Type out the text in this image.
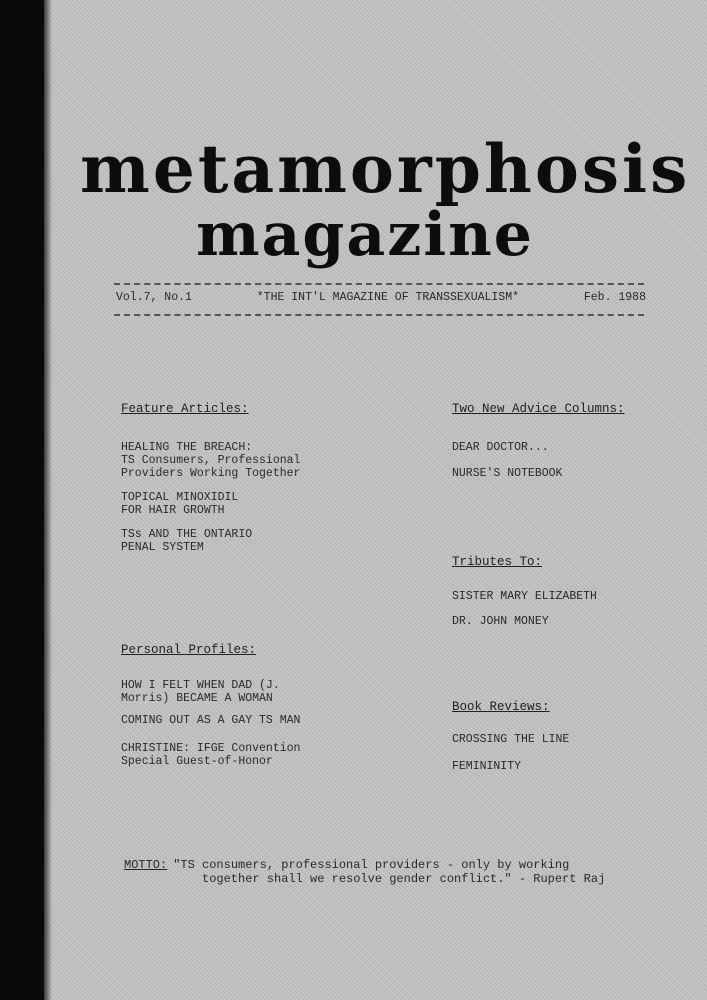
metamorphosis
magazine
Vol.7, No.1	*THE INT'L MAGAZINE OF TRANSSEXUALISM*	Feb. 1988
Feature Articles:
HEALING THE BREACH:
TS Consumers, Professional
Providers Working Together
TOPICAL MINOXIDIL
FOR HAIR GROWTH
TSs AND THE ONTARIO
PENAL SYSTEM
Personal Profiles:
HOW I FELT WHEN DAD (J.
Morris) BECAME A WOMAN
COMING OUT AS A GAY TS MAN
CHRISTINE: IFGE Convention
Special Guest-of-Honor
Two New Advice Columns:
DEAR DOCTOR...
NURSE'S NOTEBOOK
Tributes To:
SISTER MARY ELIZABETH
DR. JOHN MONEY
Book Reviews:
CROSSING THE LINE
FEMININITY
MOTTO: "TS consumers, professional providers - only by working
together shall we resolve gender conflict." - Rupert Raj
